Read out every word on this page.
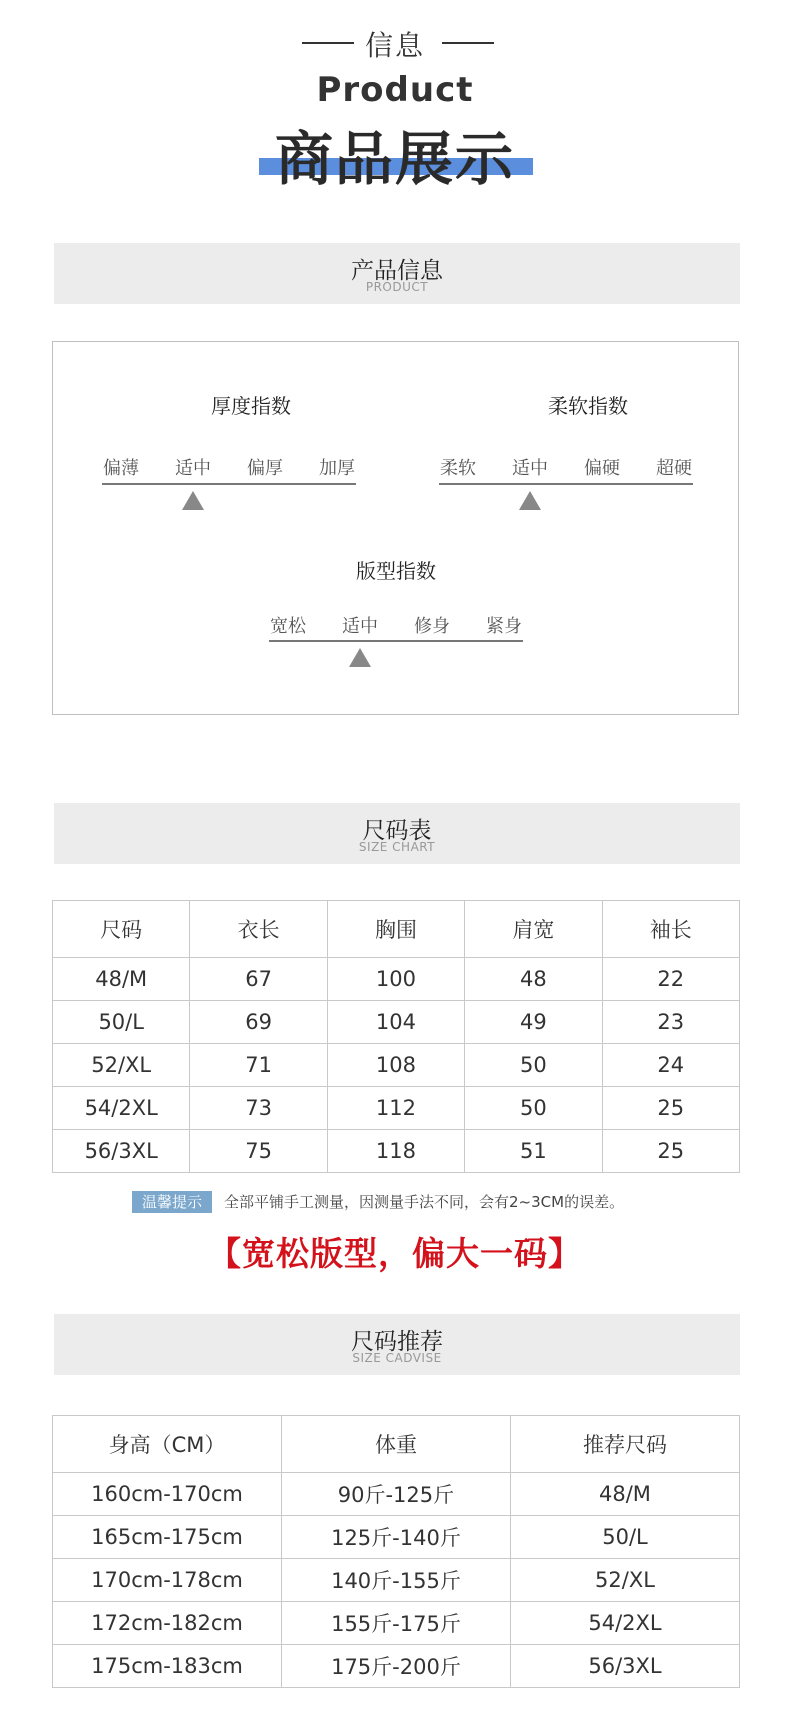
信息
Product
商品展示
产品信息
PRODUCT
厚度指数
偏薄	适中	偏厚	加厚
柔软指数
柔软	适中	偏硬	超硬
版型指数
宽松	适中	修身	紧身
尺码表
SIZE CHART
尺码	衣长	胸围	肩宽	袖长
48/M	67	100	48	22
50/L	69	104	49	23
52/XL	71	108	50	24
54/2XL	73	112	50	25
56/3XL	75	118	51	25
温馨提示	全部平铺手工测量，因测量手法不同，会有2~3CM的误差。
【宽松版型，偏大一码】
尺码推荐
SIZE CADVISE
身高（CM）	体重	推荐尺码
160cm-170cm	90斤-125斤	48/M
165cm-175cm	125斤-140斤	50/L
170cm-178cm	140斤-155斤	52/XL
172cm-182cm	155斤-175斤	54/2XL
175cm-183cm	175斤-200斤	56/3XL
